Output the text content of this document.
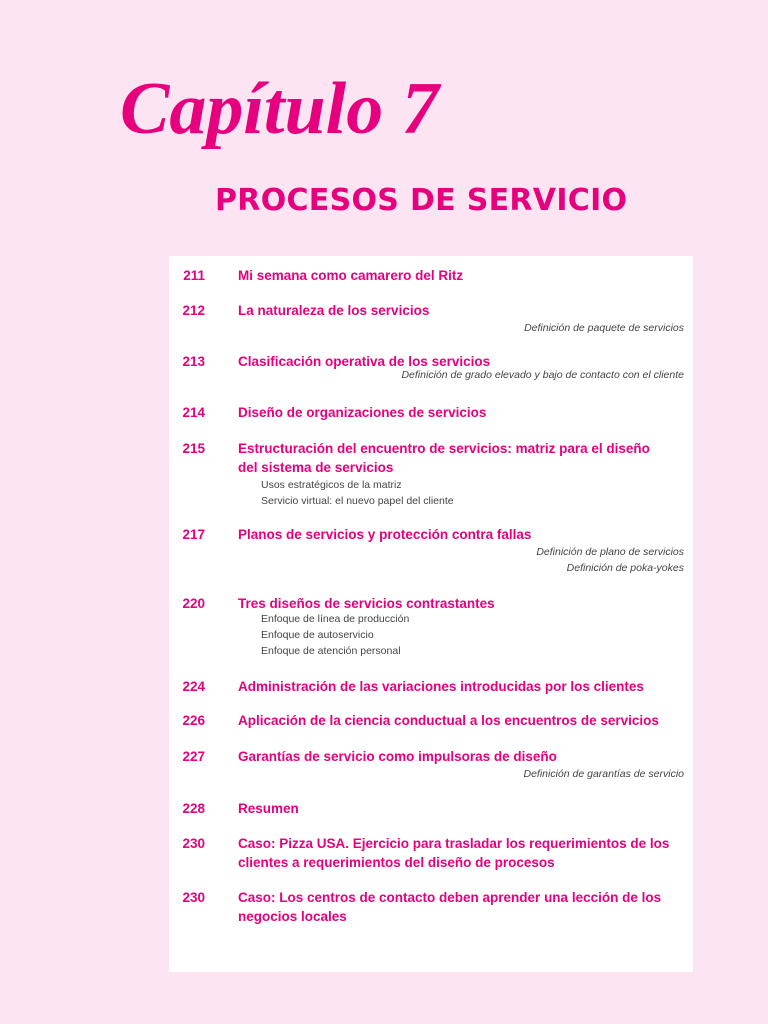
Capítulo 7
PROCESOS DE SERVICIO
211 Mi semana como camarero del Ritz
212 La naturaleza de los servicios
Definición de paquete de servicios
213 Clasificación operativa de los servicios
Definición de grado elevado y bajo de contacto con el cliente
214 Diseño de organizaciones de servicios
215 Estructuración del encuentro de servicios: matriz para el diseño
del sistema de servicios
Usos estratégicos de la matriz
Servicio virtual: el nuevo papel del cliente
217 Planos de servicios y protección contra fallas
Definición de plano de servicios
Definición de poka-yokes
220 Tres diseños de servicios contrastantes
Enfoque de línea de producción
Enfoque de autoservicio
Enfoque de atención personal
224 Administración de las variaciones introducidas por los clientes
226 Aplicación de la ciencia conductual a los encuentros de servicios
227 Garantías de servicio como impulsoras de diseño
Definición de garantías de servicio
228 Resumen
230 Caso: Pizza USA. Ejercicio para trasladar los requerimientos de los
clientes a requerimientos del diseño de procesos
230 Caso: Los centros de contacto deben aprender una lección de los
negocios locales
